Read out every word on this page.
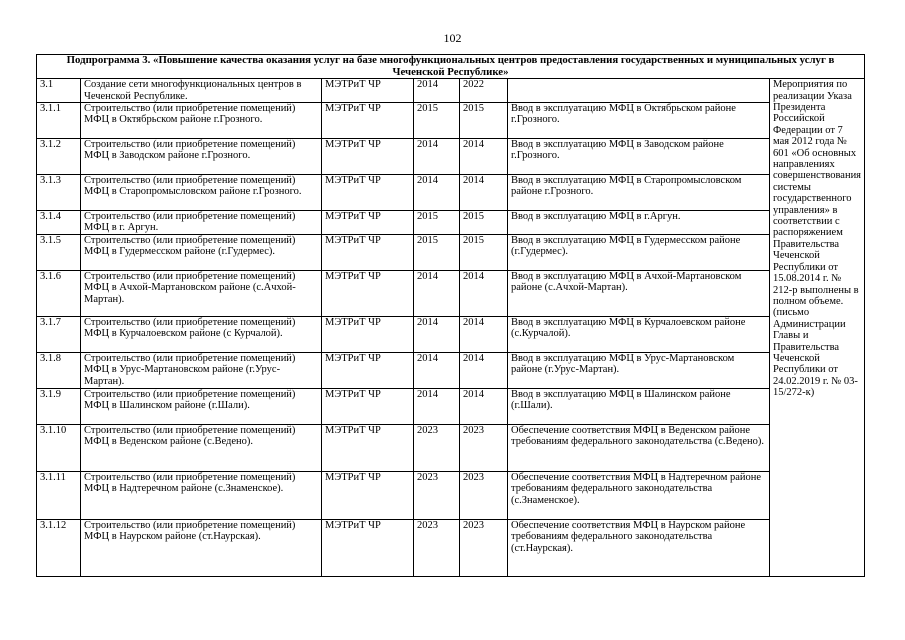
102
Подпрограмма 3. «Повышение качества оказания услуг на базе многофункциональных центров предоставления государственных и муниципальных услуг в Чеченской Республике»						
3.1	Создание сети многофункциональных центров в Чеченской Республике.	МЭТРиТ ЧР	2014	2022		Мероприятия по реализации Указа Президента Российской Федерации от 7 мая 2012 года № 601 «Об основных направлениях совершенствования системы государственного управления» в соответствии с распоряжением Правительства Чеченской Республики от 15.08.2014 г. № 212-р выполнены в полном объеме. (письмо Администрации Главы и Правительства Чеченской Республики от 24.02.2019 г. № 03-15/272-к)
3.1.1	Строительство (или приобретение помещений) МФЦ в Октябрьском районе г.Грозного.	МЭТРиТ ЧР	2015	2015	Ввод в эксплуатацию МФЦ в Октябрьском районе г.Грозного.	
3.1.2	Строительство (или приобретение помещений) МФЦ в Заводском районе г.Грозного.	МЭТРиТ ЧР	2014	2014	Ввод в эксплуатацию МФЦ в Заводском районе г.Грозного.	
3.1.3	Строительство (или приобретение помещений) МФЦ в Старопромысловском районе г.Грозного.	МЭТРиТ ЧР	2014	2014	Ввод в эксплуатацию МФЦ в Старопромысловском районе г.Грозного.	
3.1.4	Строительство (или приобретение помещений) МФЦ в г. Аргун.	МЭТРиТ ЧР	2015	2015	Ввод в эксплуатацию МФЦ в г.Аргун.	
3.1.5	Строительство (или приобретение помещений) МФЦ в Гудермесском районе (г.Гудермес).	МЭТРиТ ЧР	2015	2015	Ввод в эксплуатацию МФЦ в Гудермесском районе (г.Гудермес).	
3.1.6	Строительство (или приобретение помещений) МФЦ в Ачхой-Мартановском районе (с.Ачхой-Мартан).	МЭТРиТ ЧР	2014	2014	Ввод в эксплуатацию МФЦ в Ачхой-Мартановском районе (с.Ачхой-Мартан).	
3.1.7	Строительство (или приобретение помещений) МФЦ в Курчалоевском районе (с Курчалой).	МЭТРиТ ЧР	2014	2014	Ввод в эксплуатацию МФЦ в Курчалоевском районе (с.Курчалой).	
3.1.8	Строительство (или приобретение помещений) МФЦ в Урус-Мартановском районе (г.Урус-Мартан).	МЭТРиТ ЧР	2014	2014	Ввод в эксплуатацию МФЦ в Урус-Мартановском районе (г.Урус-Мартан).	
3.1.9	Строительство (или приобретение помещений) МФЦ в Шалинском районе (г.Шали).	МЭТРиТ ЧР	2014	2014	Ввод в эксплуатацию МФЦ в Шалинском районе (г.Шали).	
3.1.10	Строительство (или приобретение помещений) МФЦ в Веденском районе (с.Ведено).	МЭТРиТ ЧР	2023	2023	Обеспечение соответствия МФЦ в Веденском районе требованиям федерального законодательства (с.Ведено).	
3.1.11	Строительство (или приобретение помещений) МФЦ в Надтеречном районе (с.Знаменское).	МЭТРиТ ЧР	2023	2023	Обеспечение соответствия МФЦ в Надтеречном районе требованиям федерального законодательства (с.Знаменское).	
3.1.12	Строительство (или приобретение помещений) МФЦ в Наурском районе (ст.Наурская).	МЭТРиТ ЧР	2023	2023	Обеспечение соответствия МФЦ в Наурском районе требованиям федерального законодательства (ст.Наурская).	
